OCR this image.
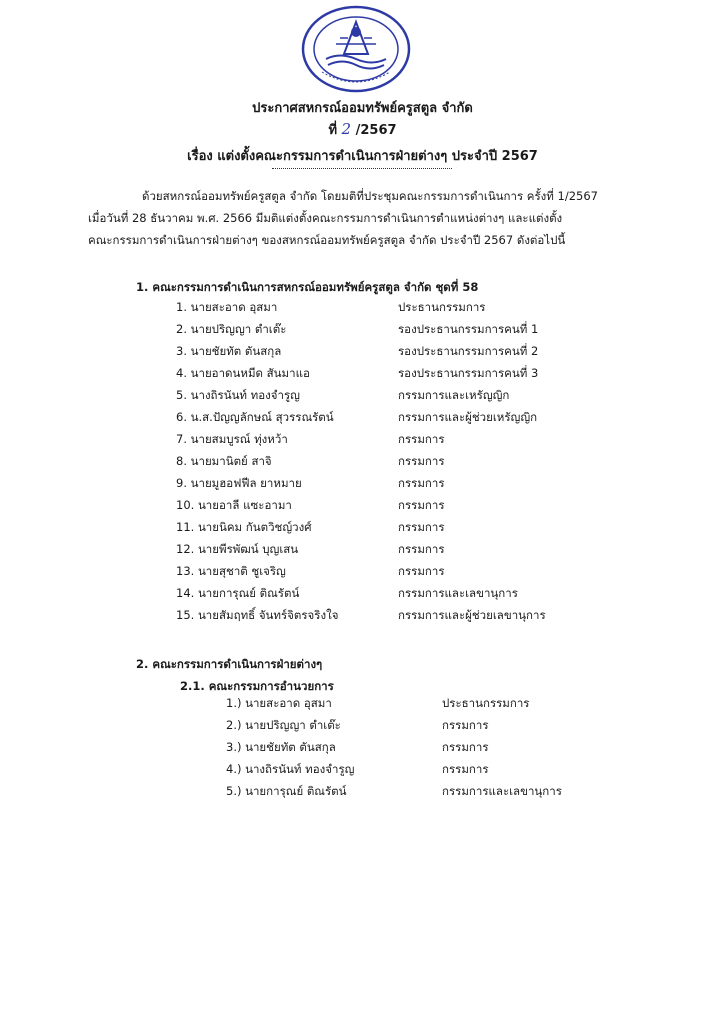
ประกาศสหกรณ์ออมทรัพย์ครูสตูล จำกัด
ที่ 2 /2567
เรื่อง แต่งตั้งคณะกรรมการดำเนินการฝ่ายต่างๆ ประจำปี 2567
ด้วยสหกรณ์ออมทรัพย์ครูสตูล จำกัด โดยมติที่ประชุมคณะกรรมการดำเนินการ ครั้งที่ 1/2567
เมื่อวันที่ 28 ธันวาคม พ.ศ. 2566 มีมติแต่งตั้งคณะกรรมการดำเนินการตำแหน่งต่างๆ และแต่งตั้ง
คณะกรรมการดำเนินการฝ่ายต่างๆ ของสหกรณ์ออมทรัพย์ครูสตูล จำกัด ประจำปี 2567 ดังต่อไปนี้
1. คณะกรรมการดำเนินการสหกรณ์ออมทรัพย์ครูสตูล จำกัด ชุดที่ 58
1. นายสะอาด อุสมา	ประธานกรรมการ
2. นายปริญญา ตำเต๊ะ	รองประธานกรรมการคนที่ 1
3. นายชัยทัต ตันสกุล	รองประธานกรรมการคนที่ 2
4. นายอาดนหมีด สันมาแอ	รองประธานกรรมการคนที่ 3
5. นางถิรนันท์ ทองจำรูญ	กรรมการและเหรัญญิก
6. น.ส.ปัญญลักษณ์ สุวรรณรัตน์	กรรมการและผู้ช่วยเหรัญญิก
7. นายสมบูรณ์ ทุ่งหว้า	กรรมการ
8. นายมานิตย์ สาจิ	กรรมการ
9. นายมูฮอฟฟีล ยาหมาย	กรรมการ
10. นายอาลี แซะอามา	กรรมการ
11. นายนิคม กันตวิชญ์วงศ์	กรรมการ
12. นายพีรพัฒน์ บุญเสน	กรรมการ
13. นายสุชาติ ชูเจริญ	กรรมการ
14. นายการุณย์ ติณรัตน์	กรรมการและเลขานุการ
15. นายสัมฤทธิ์ จันทร์จิตรจริงใจ	กรรมการและผู้ช่วยเลขานุการ
2. คณะกรรมการดำเนินการฝ่ายต่างๆ
2.1. คณะกรรมการอำนวยการ
1.) นายสะอาด อุสมา	ประธานกรรมการ
2.) นายปริญญา ตำเต๊ะ	กรรมการ
3.) นายชัยทัต ตันสกุล	กรรมการ
4.) นางถิรนันท์ ทองจำรูญ	กรรมการ
5.) นายการุณย์ ติณรัตน์	กรรมการและเลขานุการ
